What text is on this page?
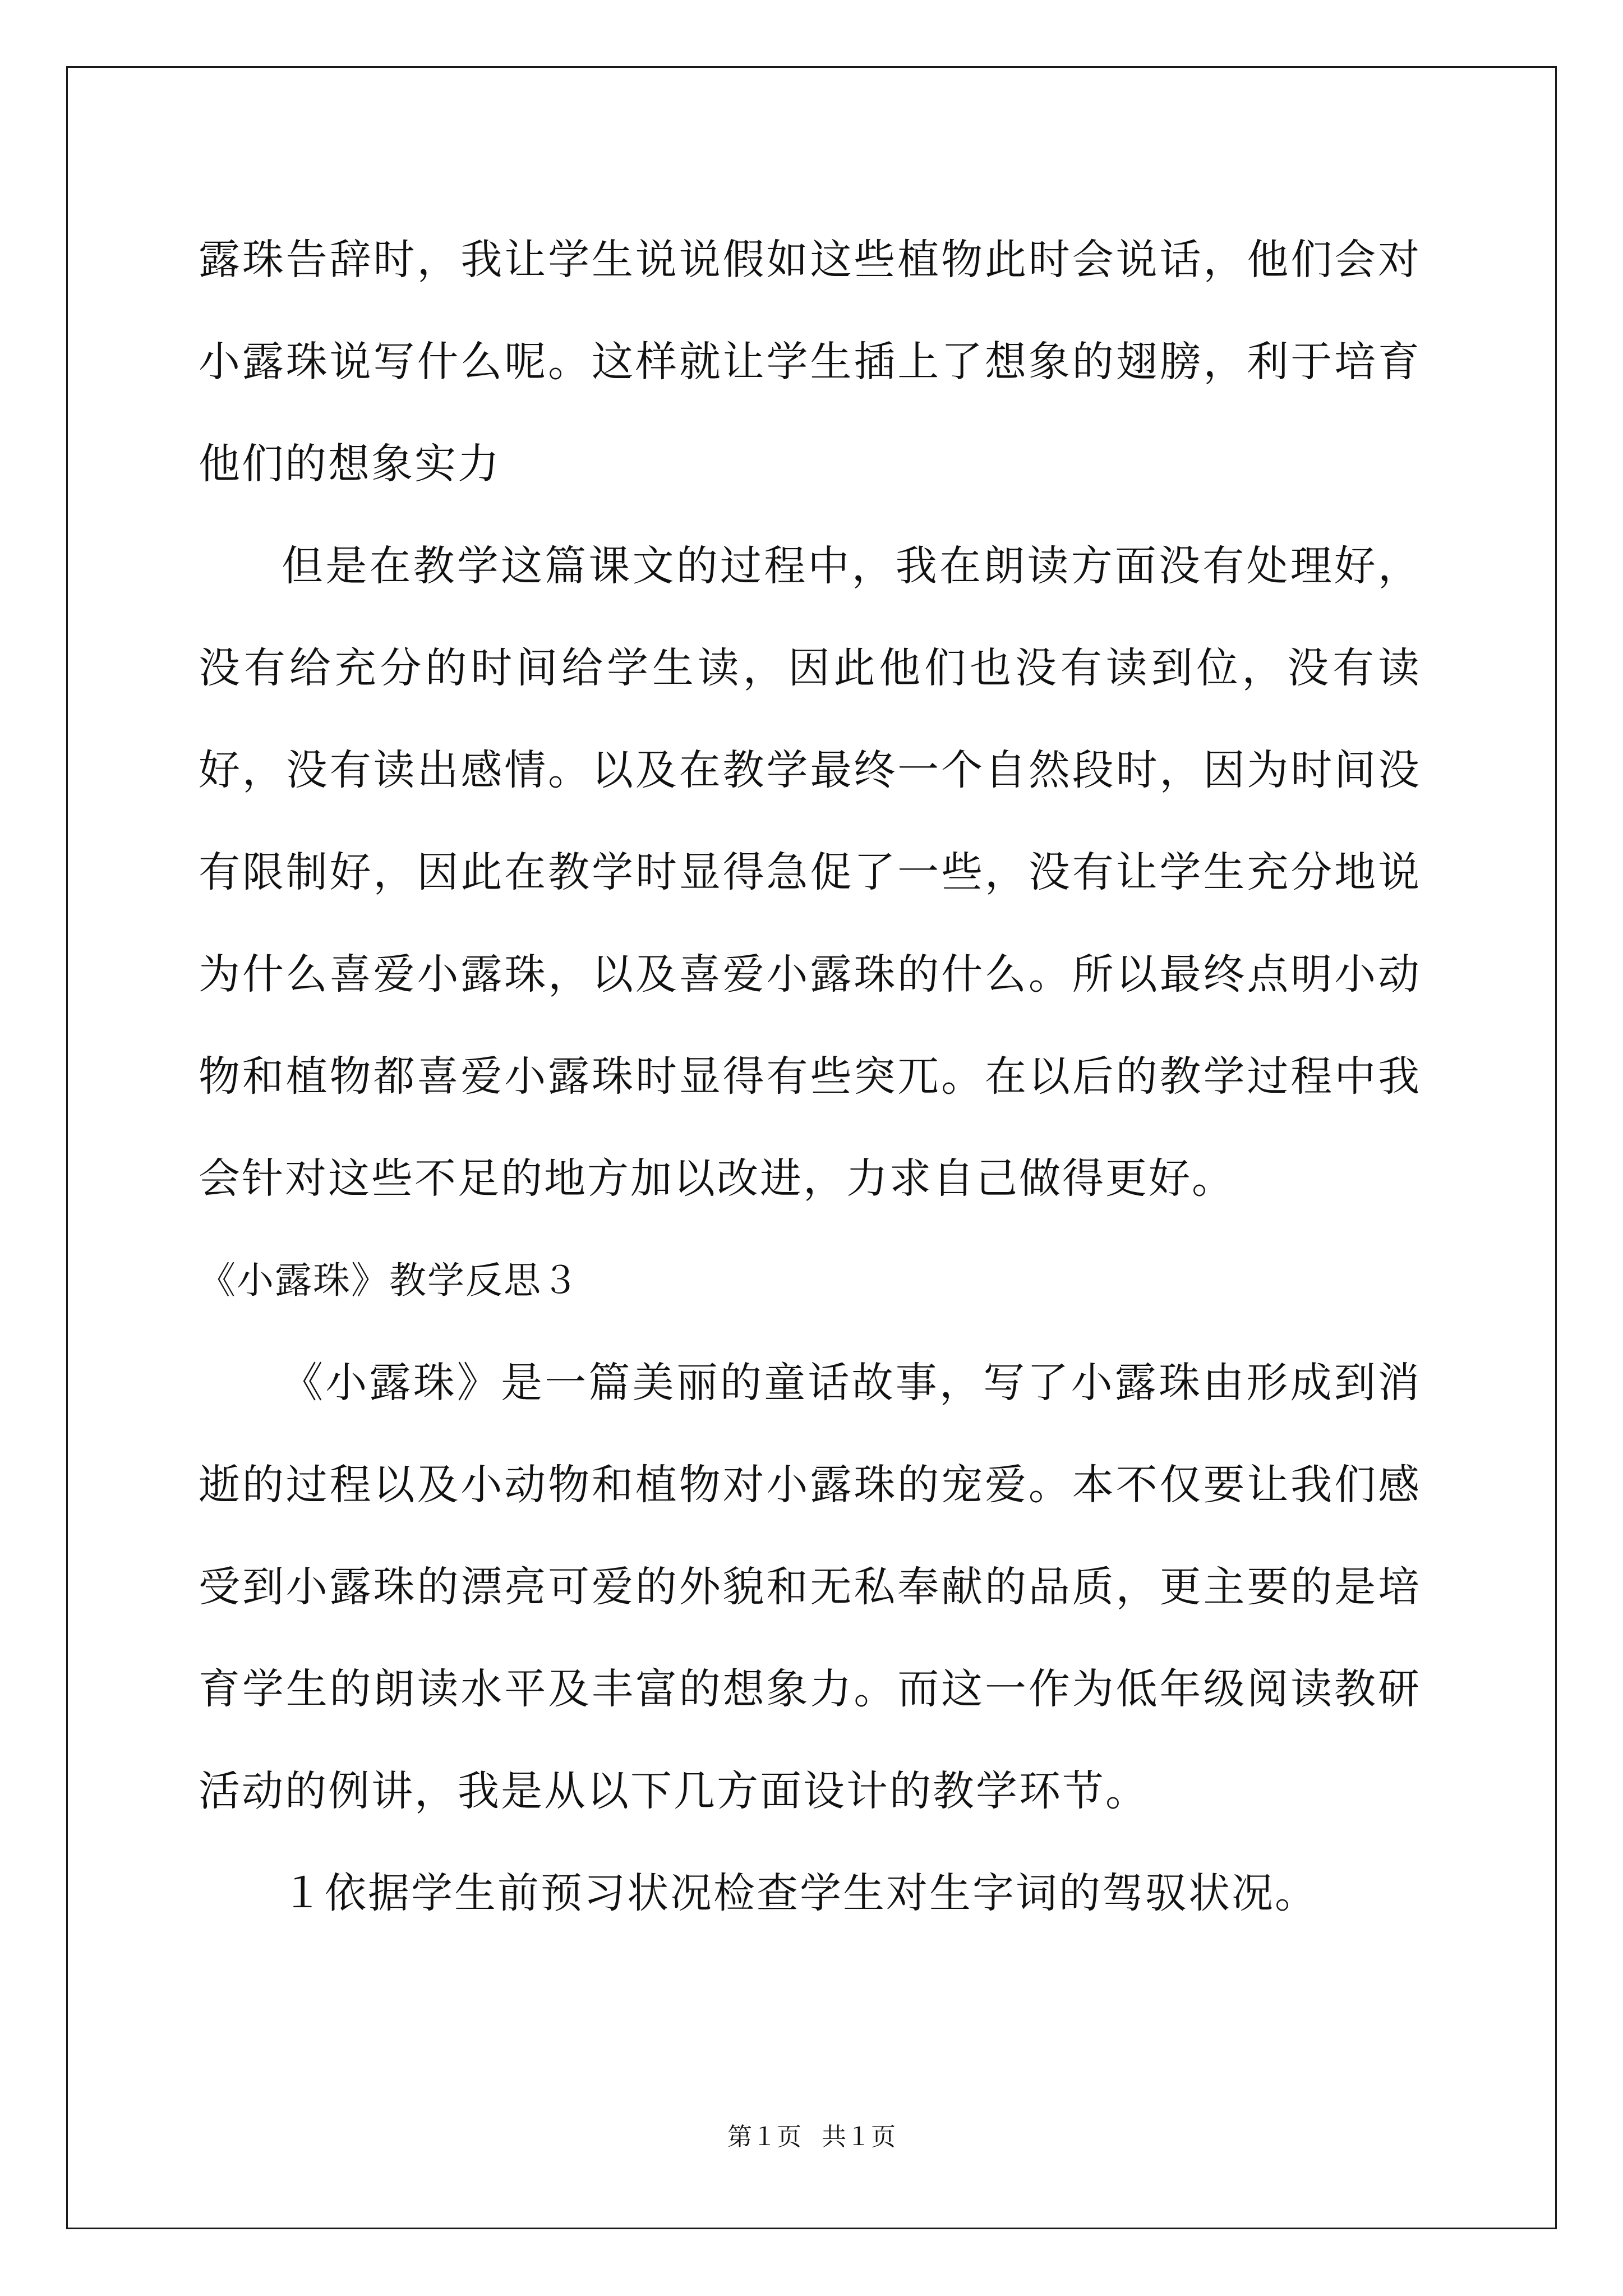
露珠告辞时，我让学生说说假如这些植物此时会说话，他们会对小露珠说写什么呢。这样就让学生插上了想象的翅膀，利于培育他们的想象实力

但是在教学这篇课文的过程中，我在朗读方面没有处理好，没有给充分的时间给学生读，因此他们也没有读到位，没有读好，没有读出感情。以及在教学最终一个自然段时，因为时间没有限制好，因此在教学时显得急促了一些，没有让学生充分地说为什么喜爱小露珠，以及喜爱小露珠的什么。所以最终点明小动物和植物都喜爱小露珠时显得有些突兀。在以后的教学过程中我会针对这些不足的地方加以改进，力求自己做得更好。

《小露珠》教学反思３

《小露珠》是一篇美丽的童话故事，写了小露珠由形成到消逝的过程以及小动物和植物对小露珠的宠爱。本不仅要让我们感受到小露珠的漂亮可爱的外貌和无私奉献的品质，更主要的是培育学生的朗读水平及丰富的想象力。而这一作为低年级阅读教研活动的例讲，我是从以下几方面设计的教学环节。

１依据学生前预习状况检查学生对生字词的驾驭状况。

第１页 共１页
